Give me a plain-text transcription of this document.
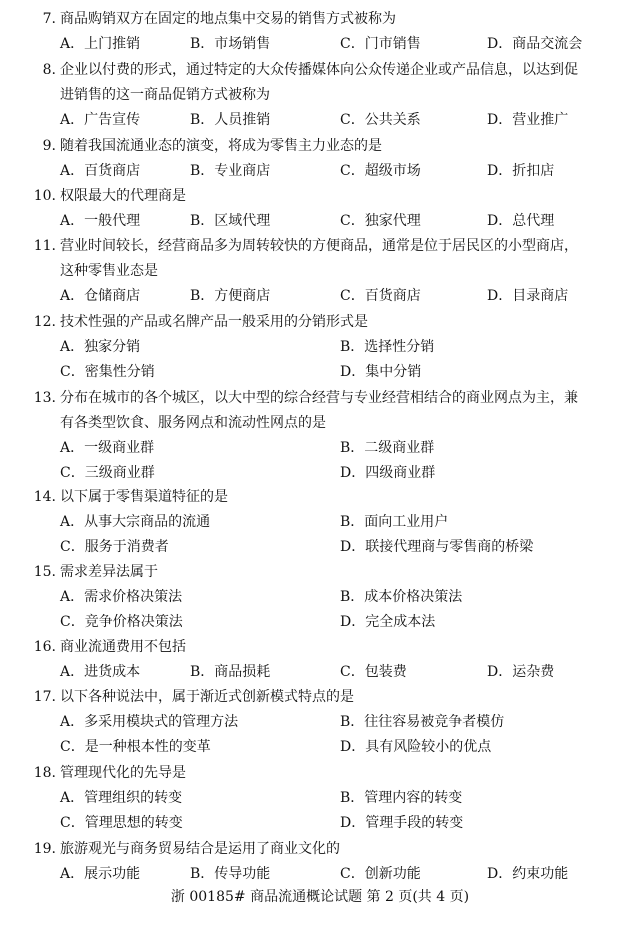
7. 商品购销双方在固定的地点集中交易的销售方式被称为
A．上门推销	B．市场销售	C．门市销售	D．商品交流会
8. 企业以付费的形式，通过特定的大众传播媒体向公众传递企业或产品信息，以达到促
进销售的这一商品促销方式被称为
A．广告宣传	B．人员推销	C．公共关系	D．营业推广
9. 随着我国流通业态的演变，将成为零售主力业态的是
A．百货商店	B．专业商店	C．超级市场	D．折扣店
10. 权限最大的代理商是
A．一般代理	B．区域代理	C．独家代理	D．总代理
11. 营业时间较长，经营商品多为周转较快的方便商品，通常是位于居民区的小型商店，
这种零售业态是
A．仓储商店	B．方便商店	C．百货商店	D．目录商店
12. 技术性强的产品或名牌产品一般采用的分销形式是
A．独家分销	B．选择性分销
C．密集性分销	D．集中分销
13. 分布在城市的各个城区，以大中型的综合经营与专业经营相结合的商业网点为主，兼
有各类型饮食、服务网点和流动性网点的是
A．一级商业群	B．二级商业群
C．三级商业群	D．四级商业群
14. 以下属于零售渠道特征的是
A．从事大宗商品的流通	B．面向工业用户
C．服务于消费者	D．联接代理商与零售商的桥梁
15. 需求差异法属于
A．需求价格决策法	B．成本价格决策法
C．竞争价格决策法	D．完全成本法
16. 商业流通费用不包括
A．进货成本	B．商品损耗	C．包装费	D．运杂费
17. 以下各种说法中，属于渐近式创新模式特点的是
A．多采用模块式的管理方法	B．往往容易被竞争者模仿
C．是一种根本性的变革	D．具有风险较小的优点
18. 管理现代化的先导是
A．管理组织的转变	B．管理内容的转变
C．管理思想的转变	D．管理手段的转变
19. 旅游观光与商务贸易结合是运用了商业文化的
A．展示功能	B．传导功能	C．创新功能	D．约束功能
浙 00185# 商品流通概论试题 第 2 页(共 4 页)
